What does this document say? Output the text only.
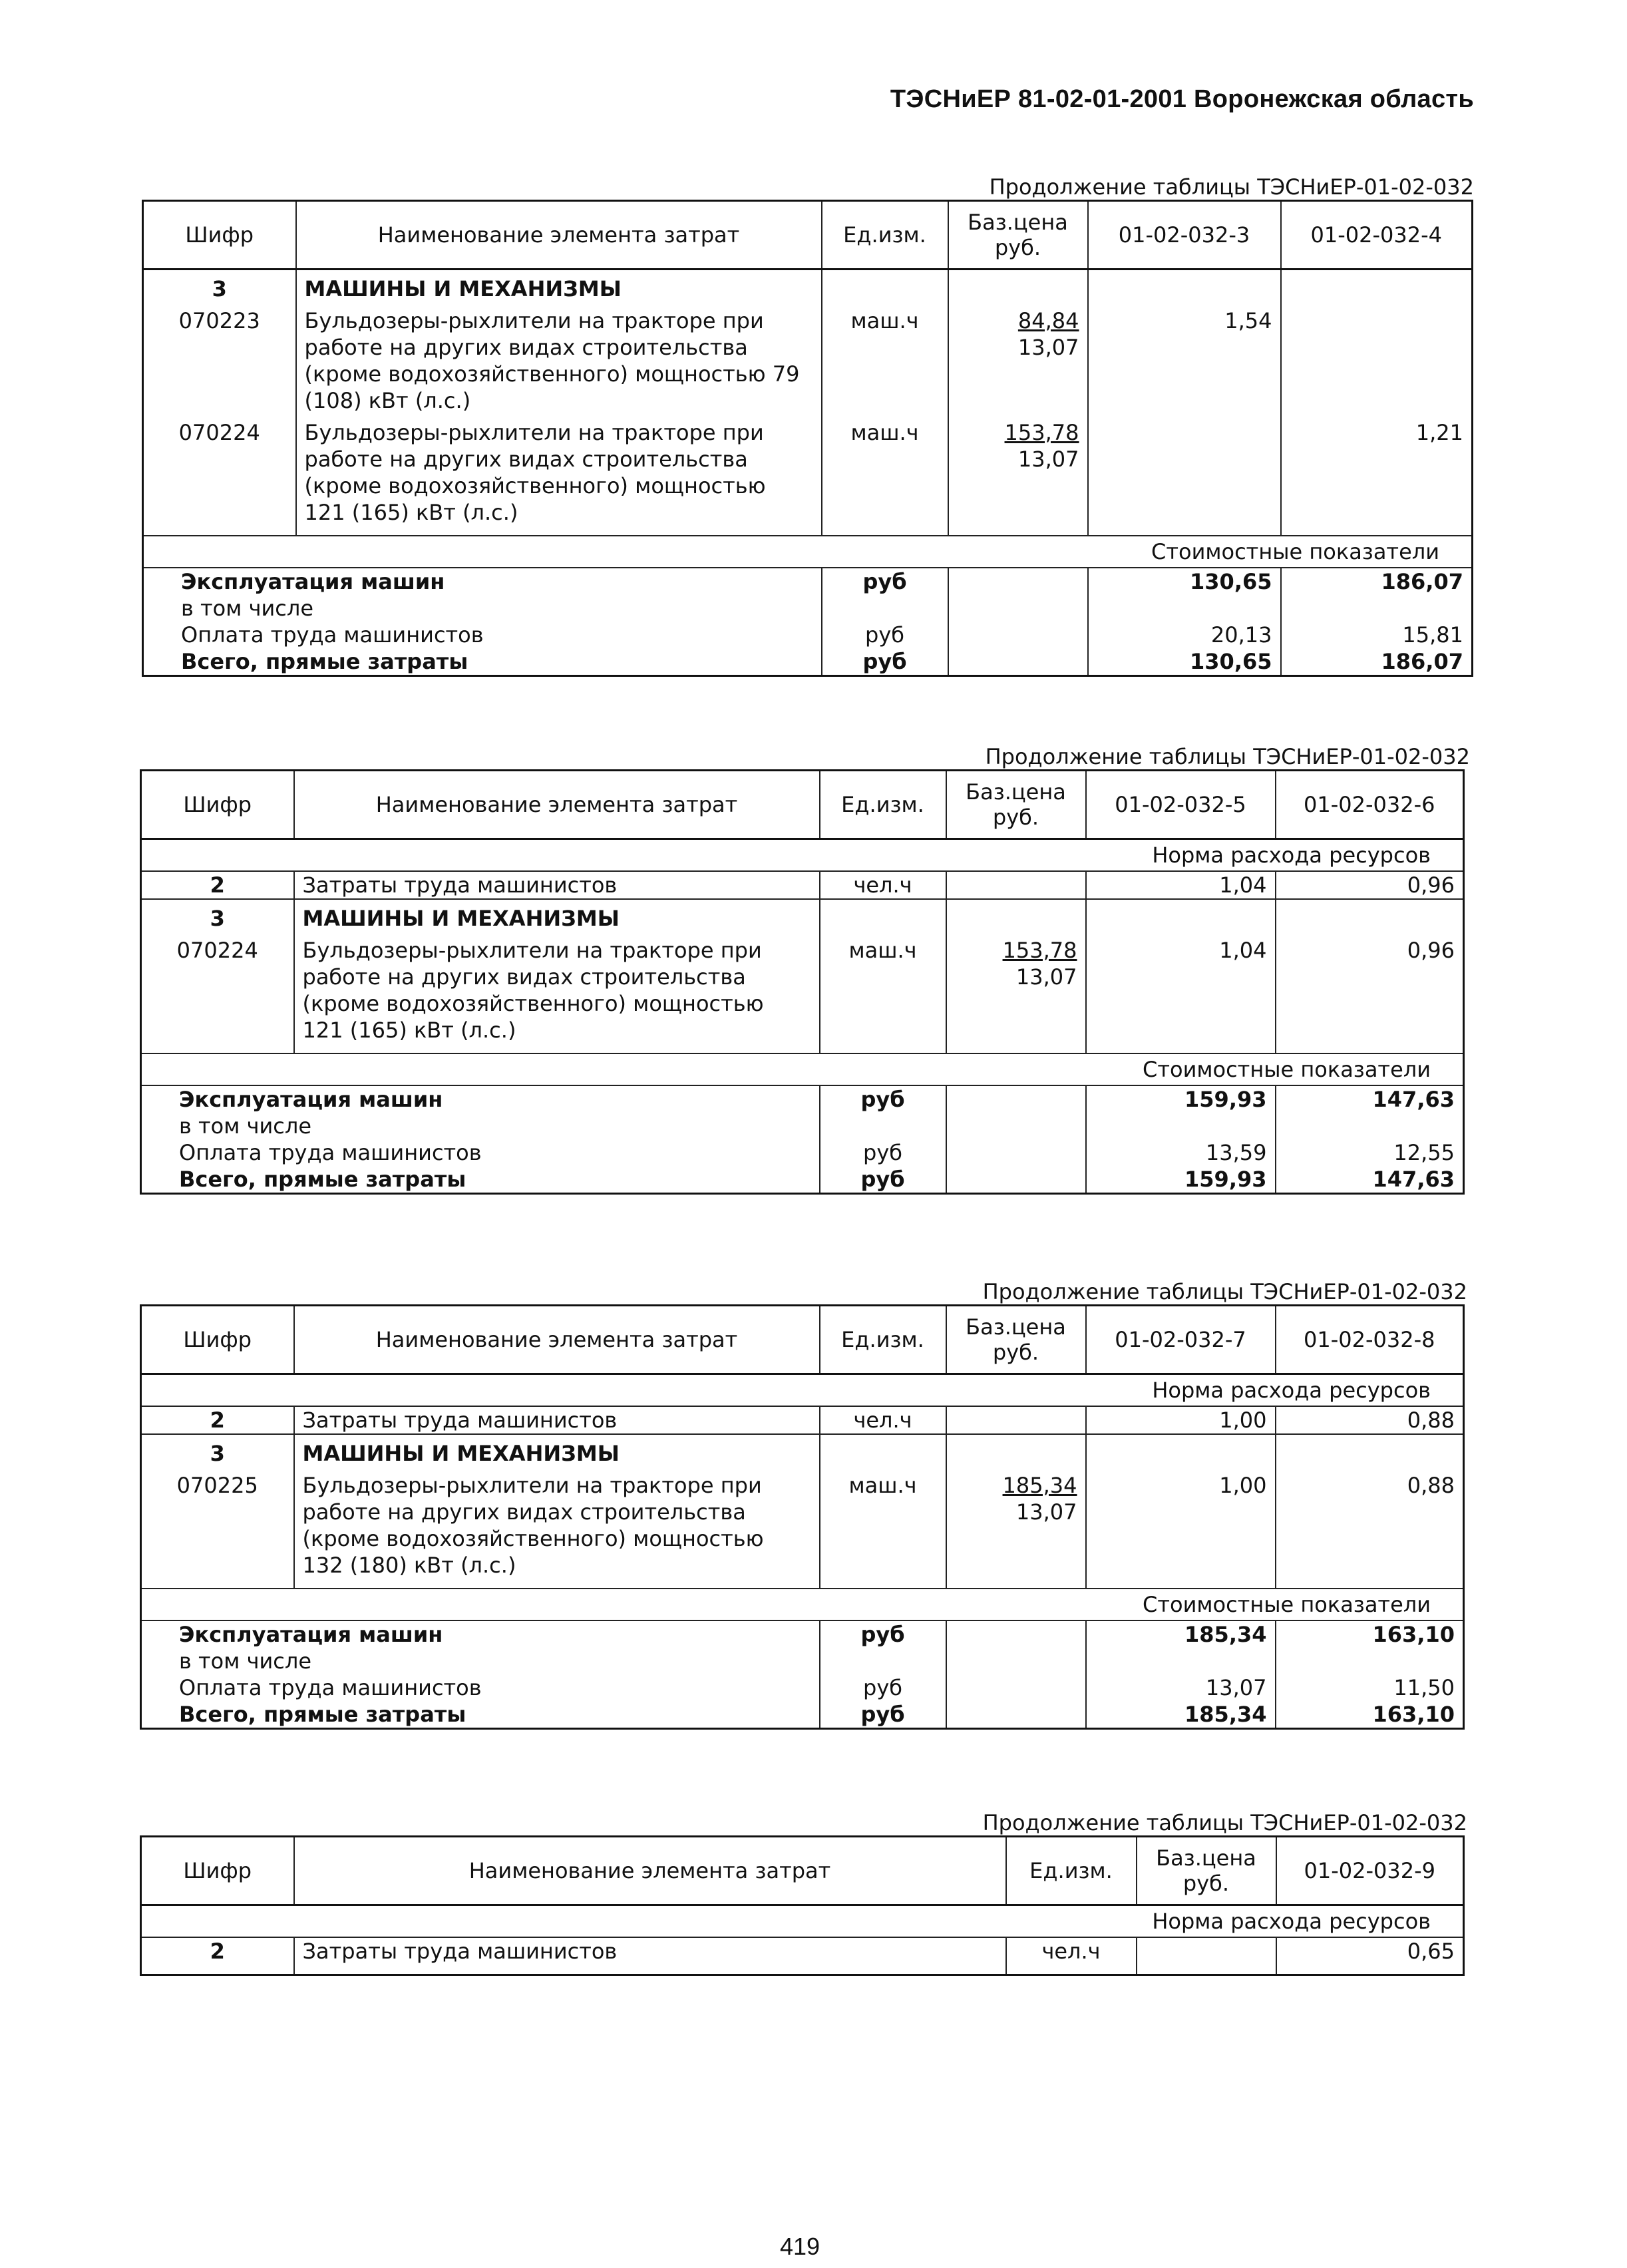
ТЭСНиЕР 81-02-01-2001 Воронежская область
Продолжение таблицы ТЭСНиЕР-01-02-032
Шифр	Наименование элемента затрат	Ед.изм.	Баз.цена руб.	01-02-032-3	01-02-032-4

3	МАШИНЫ И МЕХАНИЗМЫ				

070223	Бульдозеры-рыхлители на тракторе при работе на других видах строительства (кроме водохозяйственного) мощностью 79 (108) кВт (л.с.)	маш.ч	84,84
13,07	1,54	

070224	Бульдозеры-рыхлители на тракторе при работе на других видах строительства (кроме водохозяйственного) мощностью 121 (165) кВт (л.с.)	маш.ч	153,78
13,07		1,21

Стоимостные показатели					
Эксплуатация машин		руб		130,65	186,07
в том числе					
Оплата труда машинистов		руб		20,13	15,81
Всего, прямые затраты		руб		130,65	186,07
Продолжение таблицы ТЭСНиЕР-01-02-032
Шифр	Наименование элемента затрат	Ед.изм.	Баз.цена руб.	01-02-032-5	01-02-032-6
Норма расхода ресурсов					
2	Затраты труда машинистов	чел.ч		1,04	0,96

3	МАШИНЫ И МЕХАНИЗМЫ				

070224	Бульдозеры-рыхлители на тракторе при работе на других видах строительства (кроме водохозяйственного) мощностью 121 (165) кВт (л.с.)	маш.ч	153,78
13,07	1,04	0,96

Стоимостные показатели					
Эксплуатация машин		руб		159,93	147,63
в том числе					
Оплата труда машинистов		руб		13,59	12,55
Всего, прямые затраты		руб		159,93	147,63
Продолжение таблицы ТЭСНиЕР-01-02-032
Шифр	Наименование элемента затрат	Ед.изм.	Баз.цена руб.	01-02-032-7	01-02-032-8
Норма расхода ресурсов					
2	Затраты труда машинистов	чел.ч		1,00	0,88

3	МАШИНЫ И МЕХАНИЗМЫ				

070225	Бульдозеры-рыхлители на тракторе при работе на других видах строительства (кроме водохозяйственного) мощностью 132 (180) кВт (л.с.)	маш.ч	185,34
13,07	1,00	0,88

Стоимостные показатели					
Эксплуатация машин		руб		185,34	163,10
в том числе					
Оплата труда машинистов		руб		13,07	11,50
Всего, прямые затраты		руб		185,34	163,10
Продолжение таблицы ТЭСНиЕР-01-02-032
Шифр	Наименование элемента затрат	Ед.изм.	Баз.цена руб.	01-02-032-9
Норма расхода ресурсов				
2	Затраты труда машинистов	чел.ч		0,65

419
